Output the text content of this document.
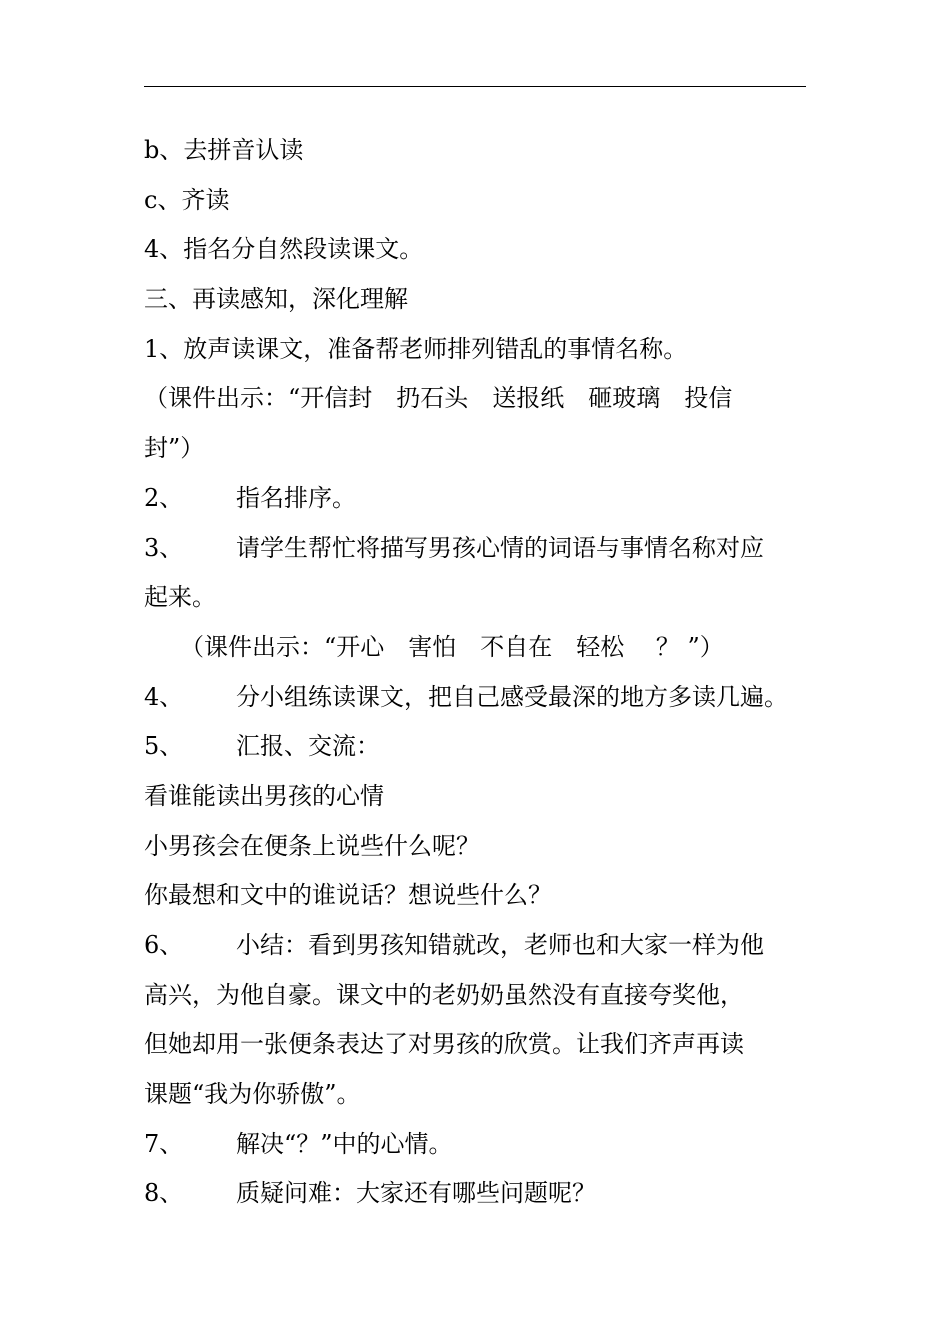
b、去拼音认读
c、齐读
4、指名分自然段读课文。
三、再读感知，深化理解
1、放声读课文，准备帮老师排列错乱的事情名称。
（课件出示：“开信封　扔石头　送报纸　砸玻璃　投信
封”）
2、 指名排序。
3、 请学生帮忙将描写男孩心情的词语与事情名称对应
起来。
（课件出示：“开心　害怕　不自在　轻松　 ？ ”）
4、 分小组练读课文，把自己感受最深的地方多读几遍。
5、 汇报、交流：
看谁能读出男孩的心情
小男孩会在便条上说些什么呢？
你最想和文中的谁说话？想说些什么？
6、 小结：看到男孩知错就改，老师也和大家一样为他
高兴，为他自豪。课文中的老奶奶虽然没有直接夸奖他，
但她却用一张便条表达了对男孩的欣赏。让我们齐声再读
课题“我为你骄傲”。
7、 解决“？”中的心情。
8、 质疑问难：大家还有哪些问题呢？
